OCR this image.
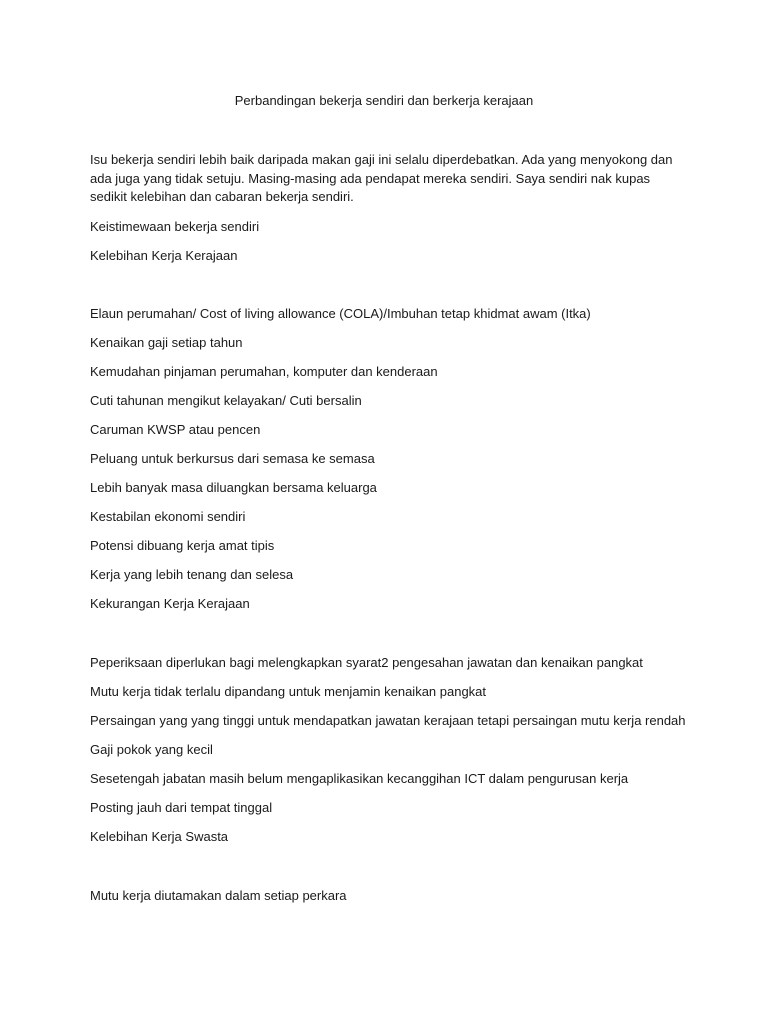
Perbandingan bekerja sendiri dan berkerja kerajaan

Isu bekerja sendiri lebih baik daripada makan gaji ini selalu diperdebatkan. Ada yang menyokong dan ada juga yang tidak setuju. Masing-masing ada pendapat mereka sendiri. Saya sendiri nak kupas sedikit kelebihan dan cabaran bekerja sendiri.

Keistimewaan bekerja sendiri

Kelebihan Kerja Kerajaan

Elaun perumahan/ Cost of living allowance (COLA)/Imbuhan tetap khidmat awam (Itka)

Kenaikan gaji setiap tahun

Kemudahan pinjaman perumahan, komputer dan kenderaan

Cuti tahunan mengikut kelayakan/ Cuti bersalin

Caruman KWSP atau pencen

Peluang untuk berkursus dari semasa ke semasa

Lebih banyak masa diluangkan bersama keluarga

Kestabilan ekonomi sendiri

Potensi dibuang kerja amat tipis

Kerja yang lebih tenang dan selesa

Kekurangan Kerja Kerajaan

Peperiksaan diperlukan bagi melengkapkan syarat2 pengesahan jawatan dan kenaikan pangkat

Mutu kerja tidak terlalu dipandang untuk menjamin kenaikan pangkat

Persaingan yang yang tinggi untuk mendapatkan jawatan kerajaan tetapi persaingan mutu kerja rendah

Gaji pokok yang kecil

Sesetengah jabatan masih belum mengaplikasikan kecanggihan ICT dalam pengurusan kerja

Posting jauh dari tempat tinggal

Kelebihan Kerja Swasta

Mutu kerja diutamakan dalam setiap perkara
